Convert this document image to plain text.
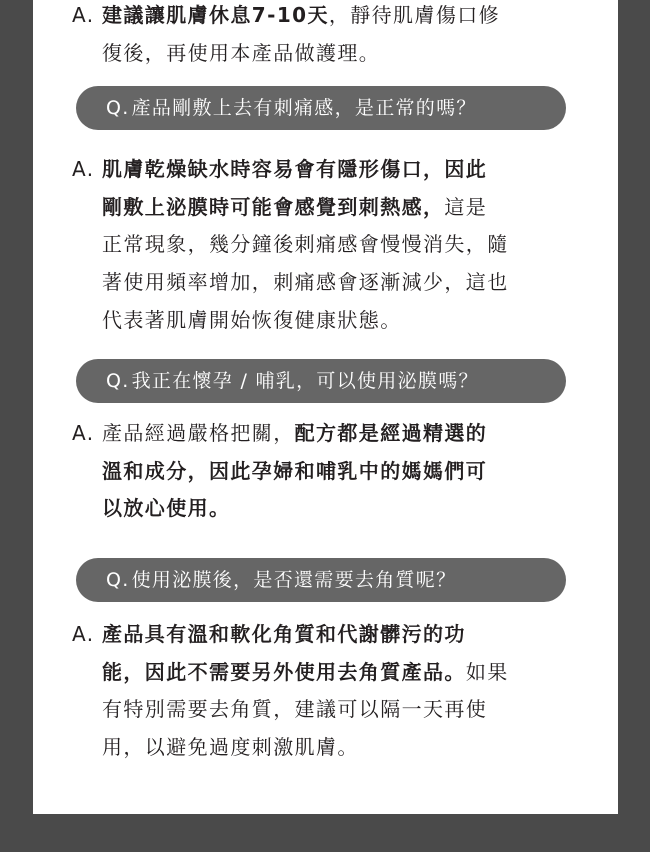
A. 建議讓肌膚休息7-10天，靜待肌膚傷口修
復後，再使用本產品做護理。
Q. 產品剛敷上去有刺痛感，是正常的嗎？
A. 肌膚乾燥缺水時容易會有隱形傷口，因此
剛敷上泌膜時可能會感覺到刺熱感，這是
正常現象，幾分鐘後刺痛感會慢慢消失，隨
著使用頻率增加，刺痛感會逐漸減少，這也
代表著肌膚開始恢復健康狀態。
Q. 我正在懷孕 / 哺乳，可以使用泌膜嗎？
A. 產品經過嚴格把關，配方都是經過精選的
溫和成分，因此孕婦和哺乳中的媽媽們可
以放心使用。
Q. 使用泌膜後，是否還需要去角質呢？
A. 產品具有溫和軟化角質和代謝髒污的功
能，因此不需要另外使用去角質產品。如果
有特別需要去角質，建議可以隔一天再使
用，以避免過度刺激肌膚。
